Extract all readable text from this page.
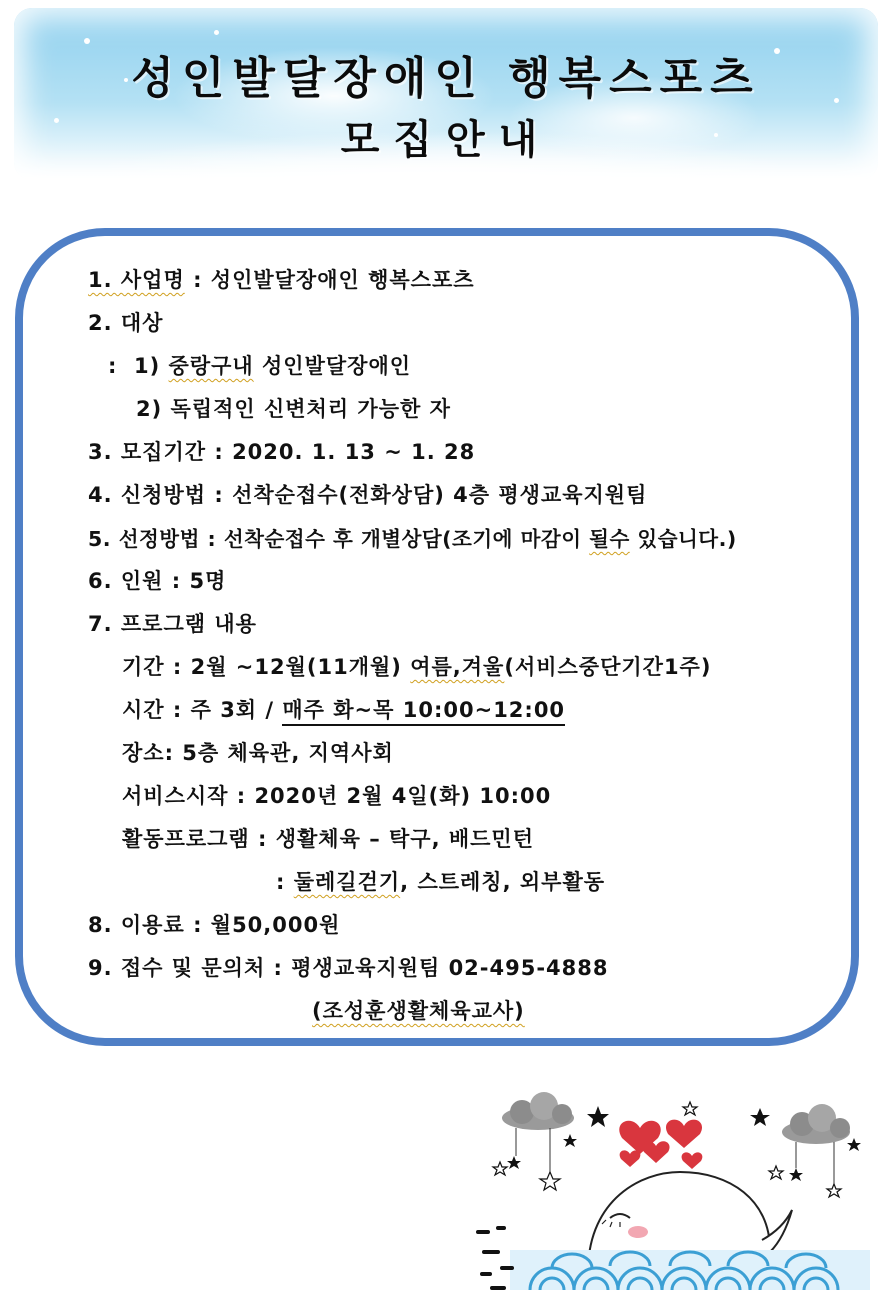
성인발달장애인 행복스포츠
모집안내
1. 사업명 : 성인발달장애인 행복스포츠
2. 대상
:  1) 중랑구내 성인발달장애인
2) 독립적인 신변처리 가능한 자
3. 모집기간 : 2020. 1. 13 ~ 1. 28
4. 신청방법 : 선착순접수(전화상담) 4층 평생교육지원팀
5. 선정방법 : 선착순접수 후 개별상담(조기에 마감이 될수 있습니다.)
6. 인원 : 5명
7. 프로그램 내용
기간 : 2월 ~12월(11개월) 여름,겨울(서비스중단기간1주)
시간 : 주 3회 / 매주 화~목 10:00~12:00
장소: 5층 체육관, 지역사회
서비스시작 : 2020년 2월 4일(화) 10:00
활동프로그램 : 생활체육 – 탁구, 배드민턴
: 둘레길걷기, 스트레칭, 외부활동
8. 이용료 : 월50,000원
9. 접수 및 문의처 : 평생교육지원팀 02-495-4888
(조성훈생활체육교사)
